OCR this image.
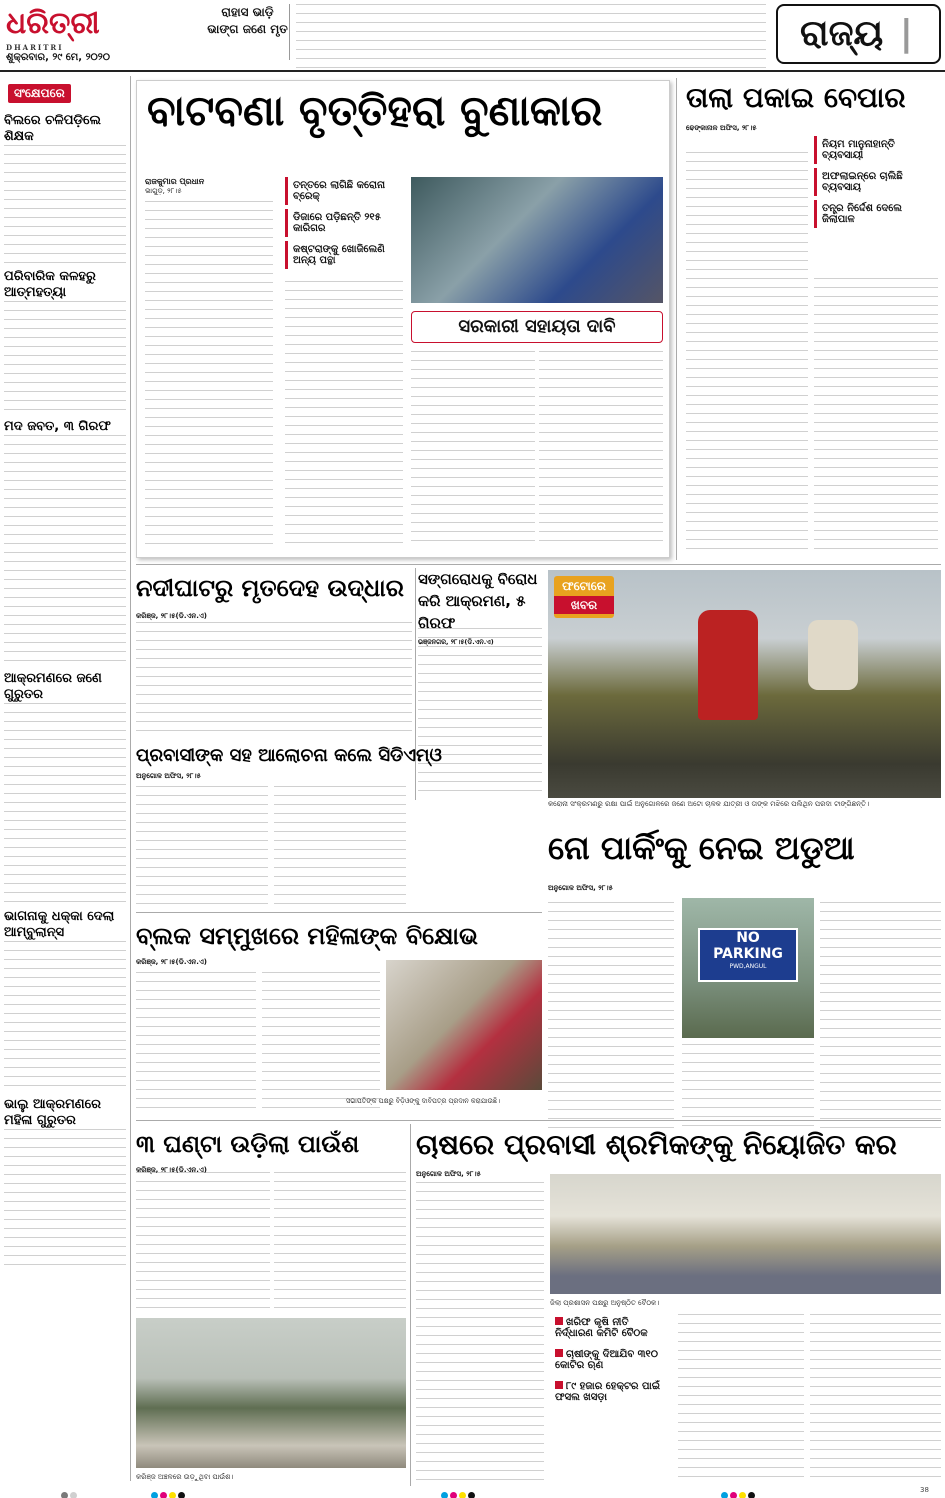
ଧରିତ୍ରୀ
DHARITRI
ଶୁକ୍ରବାର, ୨୯ ମେ, ୨୦୨୦
ରାହାସ ଭାଡ଼ି ଭାଙ୍ଗ ଜଣେ ମୃତ	ରାଜ୍ୟ |
ସଂକ୍ଷେପରେ
ବିଲରେ ଚଳିପଡ଼ିଲେ ଶିକ୍ଷକ
ପରିବାରିକ କଳହରୁ ଆତ୍ମହତ୍ୟା
ମଦ ଜବତ, ୩ ଗିରଫ
ଆକ୍ରମଣରେ ଜଣେ ଗୁରୁତର
ଭାଗନାକୁ ଧକ୍କା ଦେଲା ଆମ୍ବୁଲାନ୍ସ
ଭାଲୁ ଆକ୍ରମଣରେ ମହିଳା ଗୁରୁତର
ବାଟବଣା ବୃତ୍ତିହରା ବୁଣାକାର
ରାଜକୁମାର ପ୍ରଧାନ
ଭାଗୁଡ଼, ୨୮।୫	ତନ୍ତରେ ଲାଗିଛି କରୋନା ବ୍ରେକ୍
ଡିଜାରେ ପଡ଼ିଛନ୍ତି ୨୧୫ କାରିଗର
କଷ୍ଟରାଙ୍କୁ ଖୋଜିଲେଣି ଅନ୍ୟ ପନ୍ଥା
ସରକାରୀ ସହାୟତା ଦାବି
ତାଲା ପକାଇ ବେପାର
ଢେଙ୍କାନାଳ ଅଫିସ, ୨୮।୫
ନିୟମ ମାନୁନାହାନ୍ତି ବ୍ୟବସାୟୀ
ଅଫଲାଇନ୍‌ରେ ଚାଲିଛି ବ୍ୟବସାୟ
ତନ୍ତ୍ର ନିର୍ଦ୍ଦେଶ ଦେଲେ ଜିଲାପାଳ
ନଦୀଘାଟରୁ ମୃତଦେହ ଉଦ୍ଧାର
କରିଞ୍ଜ, ୨୮।୫(ଡି.ଏନ.ଏ)
ସଙ୍ଗରୋଧକୁ ବିରୋଧ କରି ଆକ୍ରମଣ, ୫ ଗିରଫ
ଭଞ୍ଜନଗର, ୨୮।୫(ଡି.ଏନ.ଏ)
ଫଟୋରେ
ଖବର
କରୋନା ସଂକ୍ରମଣରୁ ରକ୍ଷା ପାଇଁ ଅନୁଗୋଳରେ ଜଣେ ଅଟୋ ଚାଳକ ଯାତ୍ରୀ ଓ ତାଙ୍କ ମଝିରେ ପଲିଥିନ ପରଦା ଟାଙ୍ଗିଛନ୍ତି।
ପ୍ରବାସୀଙ୍କ ସହ ଆଲୋଚନା କଲେ ସିଡିଏମ୍‌ଓ
ଅନୁଗୋଳ ଅଫିସ, ୨୮।୫
ନୋ ପାର୍କିଂକୁ ନେଇ ଅଡୁଆ
ଅନୁଗୋଳ ଅଫିସ, ୨୮।୫
NO
PARKING
PWD,ANGUL
ବ୍ଲକ ସମ୍ମୁଖରେ ମହିଳାଙ୍କ ବିକ୍ଷୋଭ
କରିଞ୍ଜ, ୨୮।୫(ଡି.ଏନ.ଏ)
ସଭାପତିଙ୍କ ପକ୍ଷରୁ ବିଡ଼ିଓଙ୍କୁ ଦାବିପତ୍ର ପ୍ରଦାନ କରାଯାଉଛି।
୩ ଘଣ୍ଟା ଉଡ଼ିଲା ପାଉଁଶ
କରିଞ୍ଜ, ୨୮।୫(ଡି.ଏନ.ଏ)
କରିଞ୍ଜ ଅଞ୍ଚଳରେ ଉଡ଼ୁଥିବା ପାଉଁଶ।
ଚାଷରେ ପ୍ରବାସୀ ଶ୍ରମିକଙ୍କୁ ନିୟୋଜିତ କର
ଅନୁଗୋଳ ଅଫିସ, ୨୮।୫
ଜିଲା ପ୍ରଶାସନ ପକ୍ଷରୁ ଅନୁଷ୍ଠିତ ବୈଠକ।
ଖରିଫ କୃଷି ନୀତି ନିର୍ଦ୍ଧାରଣ କମିଟି ବୈଠକ
ଚାଷୀଙ୍କୁ ଦିଆଯିବ ୩୧୦ କୋଟିର ଋଣ
୮୯ ହଜାର ହେକ୍ଟର ପାଇଁ ଫସଲ ଖସଡ଼ା
38
